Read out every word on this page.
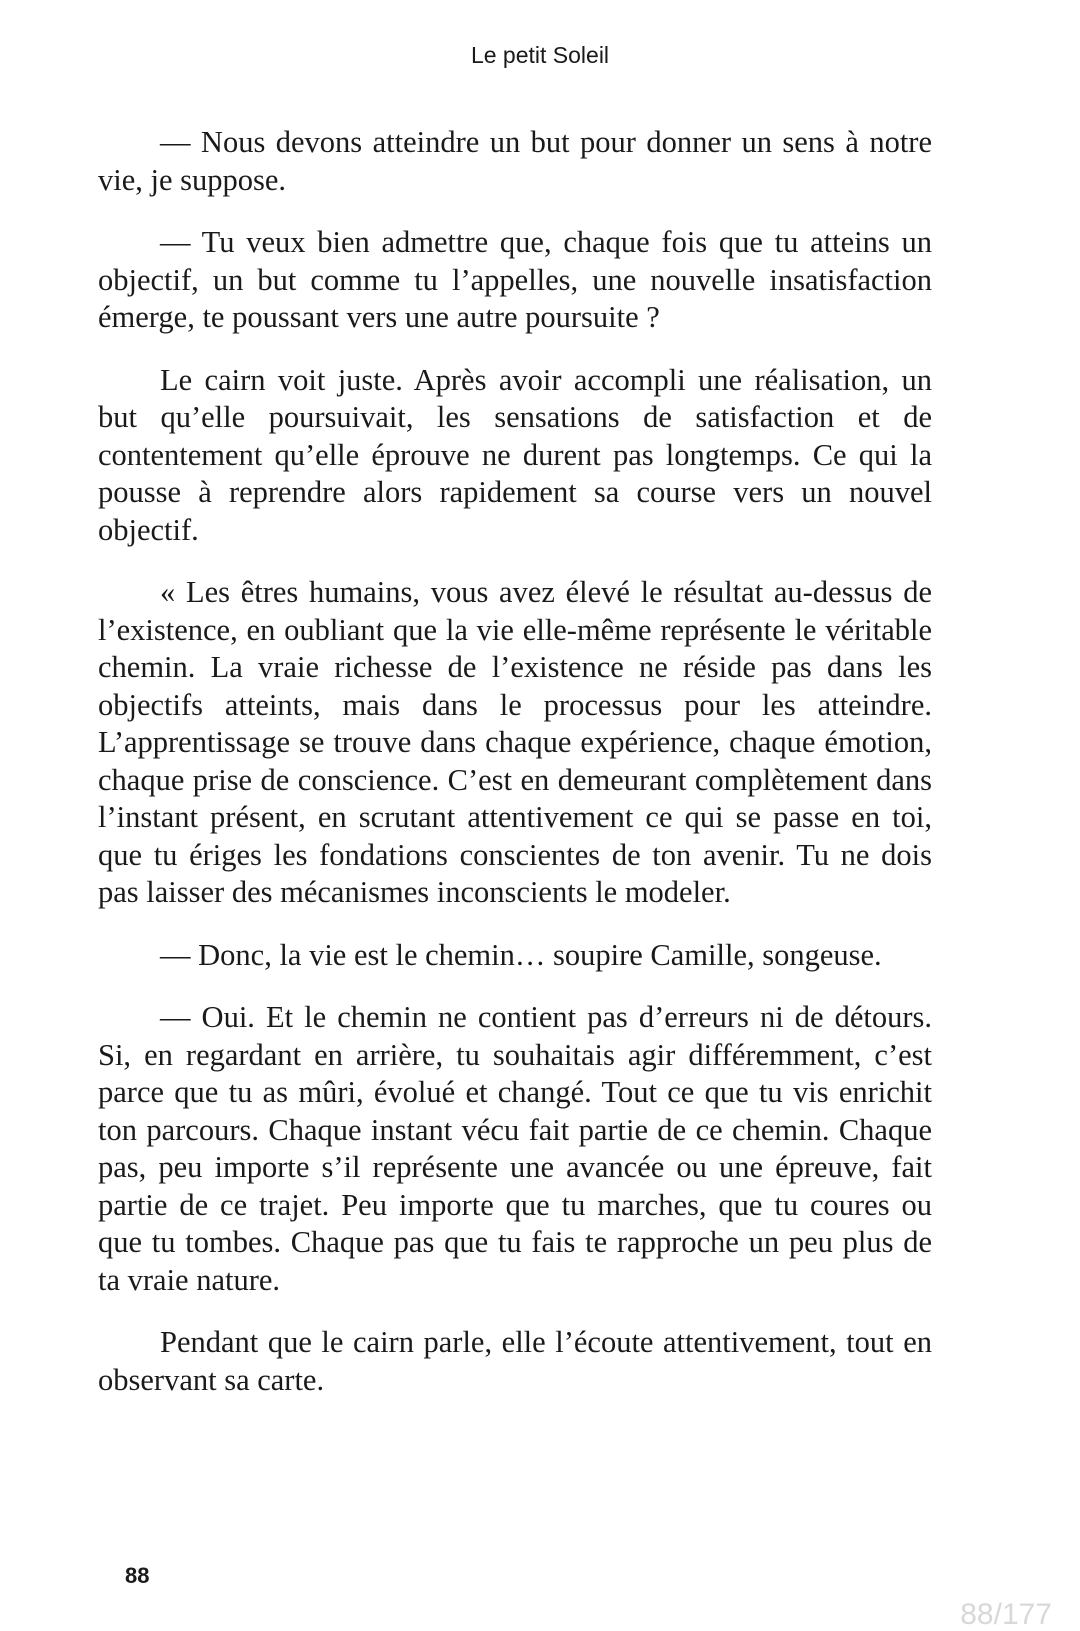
Le petit Soleil

— Nous devons atteindre un but pour donner un sens à notre vie, je suppose.

— Tu veux bien admettre que, chaque fois que tu atteins un objectif, un but comme tu l’appelles, une nouvelle insatisfaction émerge, te poussant vers une autre poursuite ?

Le cairn voit juste. Après avoir accompli une réalisation, un but qu’elle poursuivait, les sensations de satisfaction et de contentement qu’elle éprouve ne durent pas longtemps. Ce qui la pousse à reprendre alors rapidement sa course vers un nouvel objectif.

« Les êtres humains, vous avez élevé le résultat au-dessus de l’existence, en oubliant que la vie elle-même représente le véritable chemin. La vraie richesse de l’existence ne réside pas dans les objectifs atteints, mais dans le processus pour les atteindre. L’apprentissage se trouve dans chaque expérience, chaque émotion, chaque prise de conscience. C’est en demeurant complètement dans l’instant présent, en scrutant attentivement ce qui se passe en toi, que tu ériges les fondations conscientes de ton avenir. Tu ne dois pas laisser des mécanismes inconscients le modeler.

— Donc, la vie est le chemin… soupire Camille, songeuse.

— Oui. Et le chemin ne contient pas d’erreurs ni de détours. Si, en regardant en arrière, tu souhaitais agir différemment, c’est parce que tu as mûri, évolué et changé. Tout ce que tu vis enrichit ton parcours. Chaque instant vécu fait partie de ce chemin. Chaque pas, peu importe s’il représente une avancée ou une épreuve, fait partie de ce trajet. Peu importe que tu marches, que tu coures ou que tu tombes. Chaque pas que tu fais te rapproche un peu plus de ta vraie nature.

Pendant que le cairn parle, elle l’écoute attentivement, tout en observant sa carte.

88
88/177
